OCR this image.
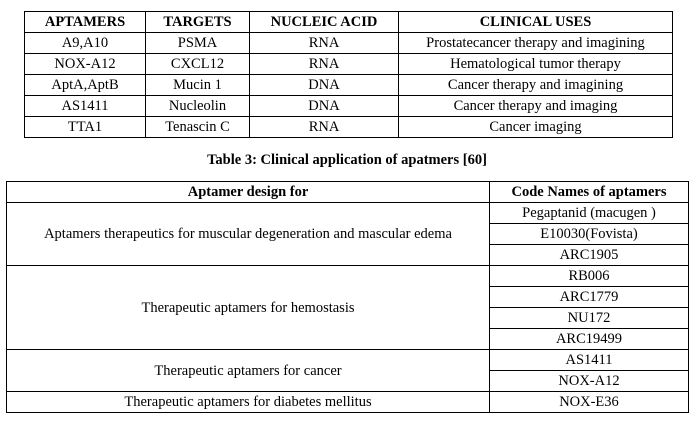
APTAMERS	TARGETS	NUCLEIC ACID	CLINICAL USES
A9,A10	PSMA	RNA	Prostatecancer therapy and imagining
NOX-A12	CXCL12	RNA	Hematological tumor therapy
AptA,AptB	Mucin 1	DNA	Cancer therapy and imagining
AS1411	Nucleolin	DNA	Cancer therapy and imaging
TTA1	Tenascin C	RNA	Cancer imaging
Table 3: Clinical application of apatmers [60]
Aptamer design for	Code Names of aptamers
Aptamers therapeutics for muscular degeneration and mascular edema	Pegaptanid (macugen )
	E10030(Fovista)
	ARC1905
Therapeutic aptamers for hemostasis	RB006
	ARC1779
	NU172
	ARC19499
Therapeutic aptamers for cancer	AS1411
	NOX-A12
Therapeutic aptamers for diabetes mellitus	NOX-E36
